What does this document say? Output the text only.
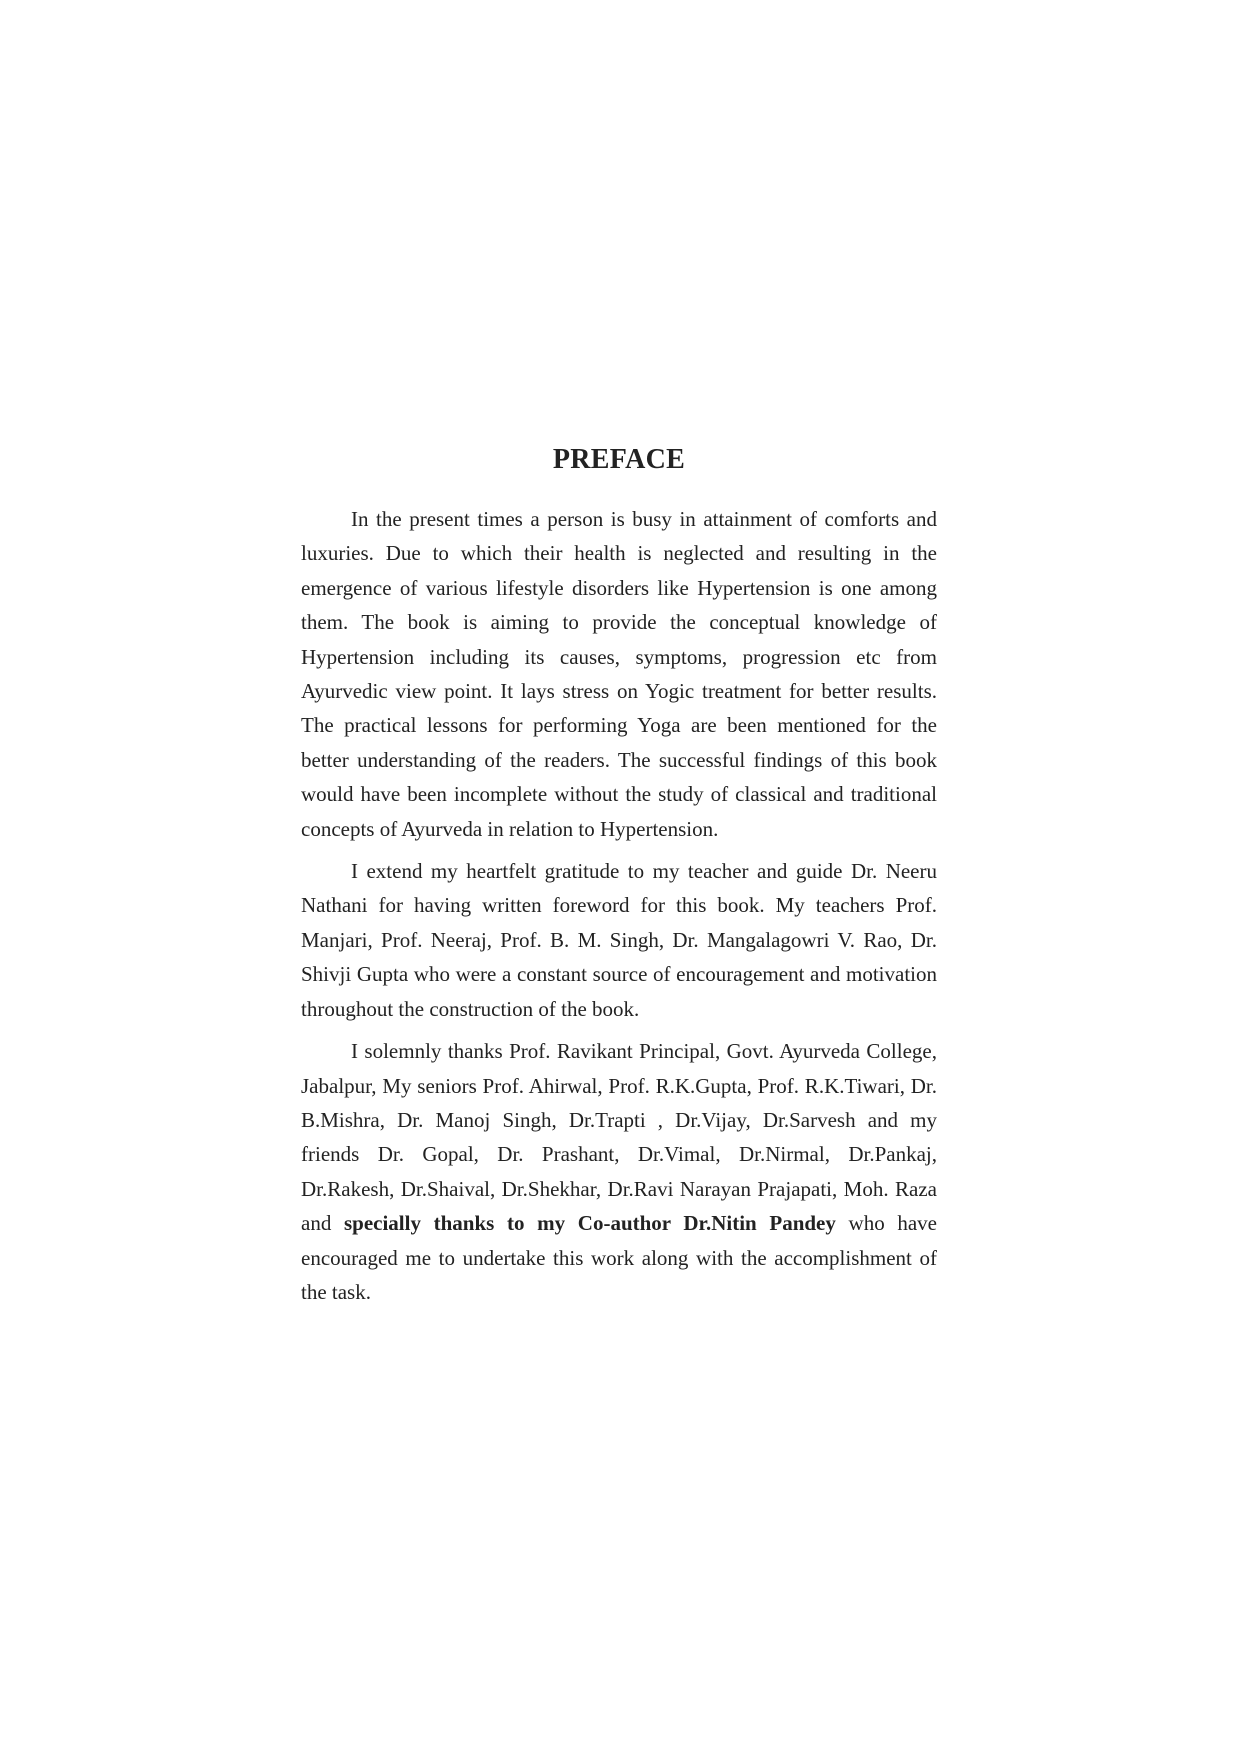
PREFACE

In the present times a person is busy in attainment of comforts and luxuries. Due to which their health is neglected and resulting in the emergence of various lifestyle disorders like Hypertension is one among them. The book is aiming to provide the conceptual knowledge of Hypertension including its causes, symptoms, progression etc from Ayurvedic view point. It lays stress on Yogic treatment for better results. The practical lessons for performing Yoga are been mentioned for the better understanding of the readers. The successful findings of this book would have been incomplete without the study of classical and traditional concepts of Ayurveda in relation to Hypertension.

I extend my heartfelt gratitude to my teacher and guide Dr. Neeru Nathani for having written foreword for this book. My teachers Prof. Manjari, Prof. Neeraj, Prof. B. M. Singh, Dr. Mangalagowri V. Rao, Dr. Shivji Gupta who were a constant source of encouragement and motivation throughout the construction of the book.

I solemnly thanks Prof. Ravikant Principal, Govt. Ayurveda College, Jabalpur, My seniors Prof. Ahirwal, Prof. R.K.Gupta, Prof. R.K.Tiwari, Dr. B.Mishra, Dr. Manoj Singh, Dr.Trapti , Dr.Vijay, Dr.Sarvesh and my friends Dr. Gopal, Dr. Prashant, Dr.Vimal, Dr.Nirmal, Dr.Pankaj, Dr.Rakesh, Dr.Shaival, Dr.Shekhar, Dr.Ravi Narayan Prajapati, Moh. Raza and specially thanks to my Co-author Dr.Nitin Pandey who have encouraged me to undertake this work along with the accomplishment of the task.
